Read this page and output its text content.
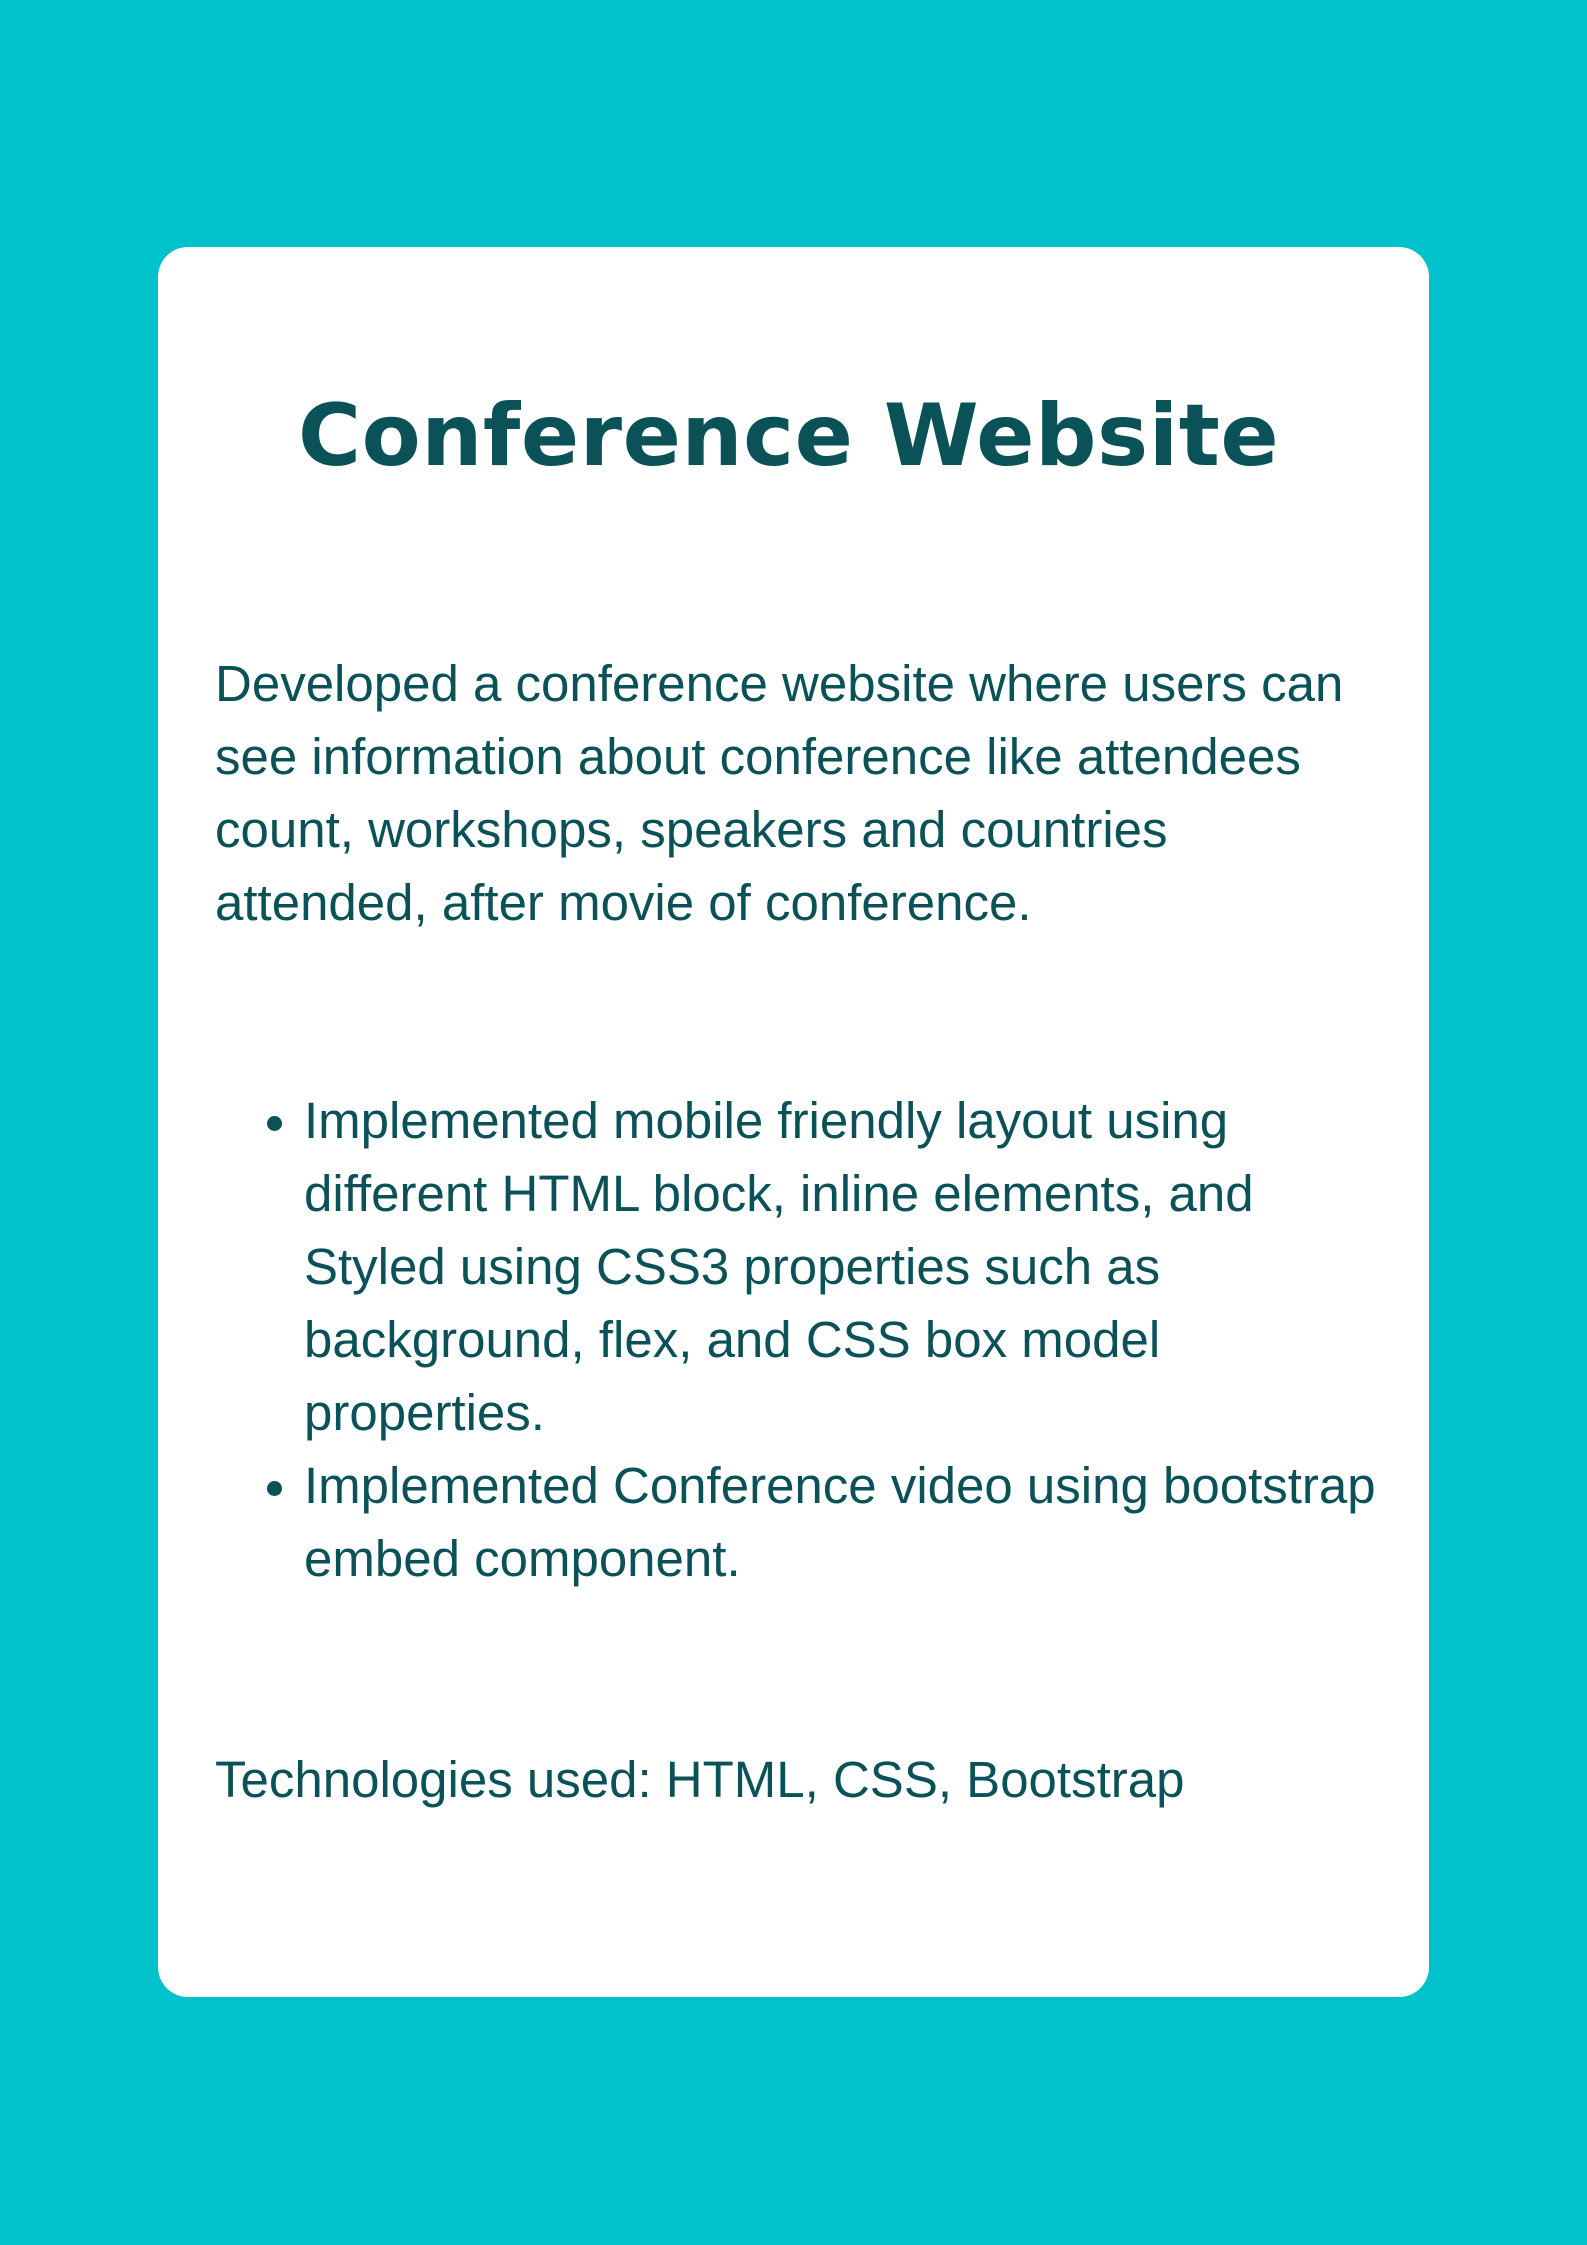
Conference Website

Developed a conference website where users can see information about conference like attendees count, workshops, speakers and countries attended, after movie of conference.

• Implemented mobile friendly layout using different HTML block, inline elements, and Styled using CSS3 properties such as background, flex, and CSS box model properties.
• Implemented Conference video using bootstrap embed component.

Technologies used: HTML, CSS, Bootstrap
